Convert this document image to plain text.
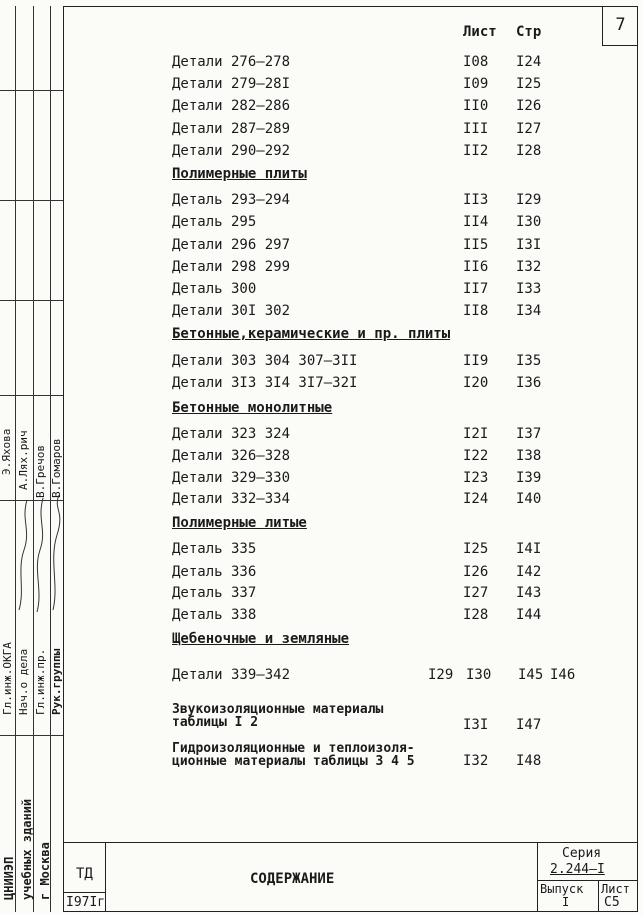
Гл.инж.ОКГА Нач.о дела Гл.инж.пр. Рук.группы
А.Лях.рич В.Гречов В.Гомаров
Э.Яхова
ЦНИИЭП учебных зданий г Москва
7
Лист Стр
Детали 276–278	I08 I24
Детали 279–28I	I09 I25
Детали 282–286	II0 I26
Детали 287–289	III I27
Детали 290–292	II2 I28
Деталь 293–294	II3 I29
Деталь 295	II4 I30
Детали 296 297	II5 I3I
Детали 298 299	II6 I32
Деталь 300	II7 I33
Детали 30I 302	II8 I34
Детали 303 304 307–3II	II9 I35
Детали 3I3 3I4 3I7–32I	I20 I36
Детали 323 324	I2I I37
Детали 326–328	I22 I38
Детали 329–330	I23 I39
Детали 332–334	I24 I40
Деталь 335	I25 I4I
Деталь 336	I26 I42
Деталь 337	I27 I43
Деталь 338	I28 I44
Полимерные плиты
Бетонные,керамические и пр. плиты
Бетонные монолитные
Полимерные литые
Щебеночные и земляные
Детали 339–342	I29 I30 I45 I46
Звукоизоляционные материалы
таблицы I 2	I3I I47
Гидроизоляционные и теплоизоля-
ционные материалы таблицы 3 4 5	I32 I48
ТД
I97Iг
СОДЕРЖАНИЕ
Серия
2.244–I
Выпуск
I
Лист
С5
